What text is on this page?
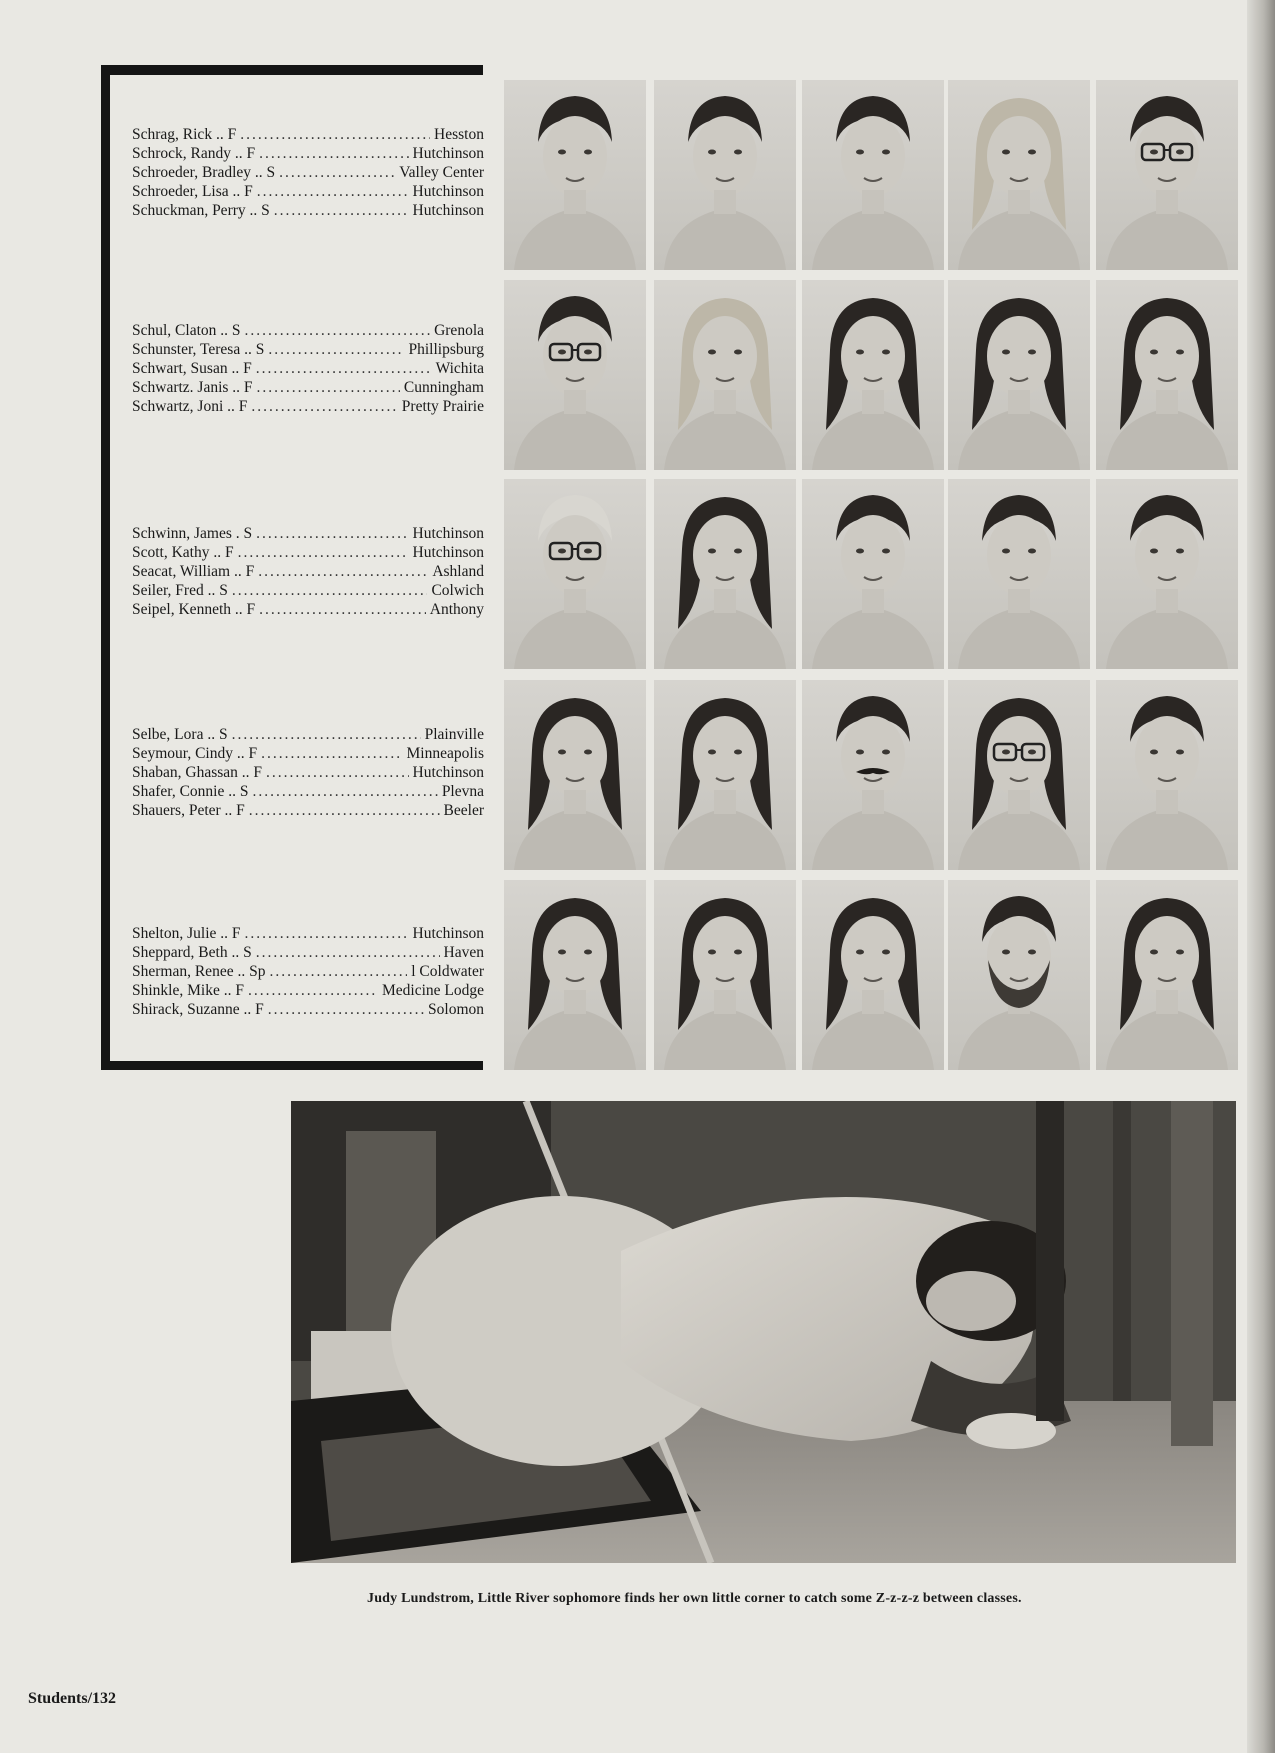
Schrag, Rick .. F .....	Hesston
Schrock, Randy .. F .....	Hutchinson
Schroeder, Bradley .. S .....	Valley Center
Schroeder, Lisa .. F .....	Hutchinson
Schuckman, Perry .. S .....	Hutchinson
Schul, Claton .. S .....	Grenola
Schunster, Teresa .. S .....	Phillipsburg
Schwart, Susan .. F .....	Wichita
Schwartz. Janis .. F .....	Cunningham
Schwartz, Joni .. F .....	Pretty Prairie
Schwinn, James . S .....	Hutchinson
Scott, Kathy .. F .....	Hutchinson
Seacat, William .. F .....	Ashland
Seiler, Fred .. S .....	Colwich
Seipel, Kenneth .. F .....	Anthony
Selbe, Lora .. S .....	Plainville
Seymour, Cindy .. F .....	Minneapolis
Shaban, Ghassan .. F .....	Hutchinson
Shafer, Connie .. S .....	Plevna
Shauers, Peter .. F .....	Beeler
Shelton, Julie .. F .....	Hutchinson
Sheppard, Beth .. S .....	Haven
Sherman, Renee .. Sp .....	l Coldwater
Shinkle, Mike .. F .....	Medicine Lodge
Shirack, Suzanne .. F .....	Solomon
Judy Lundstrom, Little River sophomore finds her own little corner to catch some Z-z-z-z between classes.
Students/132
